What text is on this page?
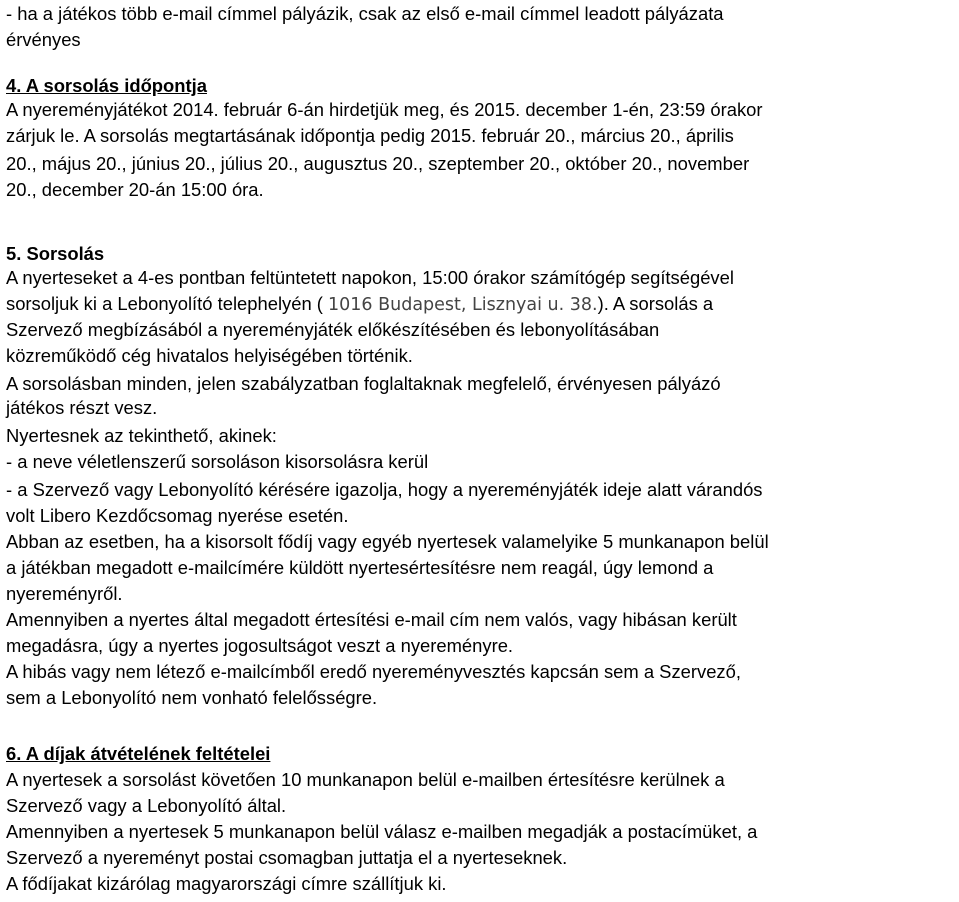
- ha a játékos több e-mail címmel pályázik, csak az első e-mail címmel leadott pályázata
érvényes
4. A sorsolás időpontja
A nyereményjátékot 2014. február 6-án hirdetjük meg, és 2015. december 1-én, 23:59 órakor
zárjuk le. A sorsolás megtartásának időpontja pedig 2015. február 20., március 20., április
20., május 20., június 20., július 20., augusztus 20., szeptember 20., október 20., november
20., december 20-án 15:00 óra.
5. Sorsolás
A nyerteseket a 4-es pontban feltüntetett napokon, 15:00 órakor számítógép segítségével
sorsoljuk ki a Lebonyolító telephelyén ( 1016 Budapest, Lisznyai u. 38.). A sorsolás a
Szervező megbízásából a nyereményjáték előkészítésében és lebonyolításában
közreműködő cég hivatalos helyiségében történik.
A sorsolásban minden, jelen szabályzatban foglaltaknak megfelelő, érvényesen pályázó
játékos részt vesz.
Nyertesnek az tekinthető, akinek:
- a neve véletlenszerű sorsoláson kisorsolásra kerül
- a Szervező vagy Lebonyolító kérésére igazolja, hogy a nyereményjáték ideje alatt várandós
volt Libero Kezdőcsomag nyerése esetén.
Abban az esetben, ha a kisorsolt fődíj vagy egyéb nyertesek valamelyike 5 munkanapon belül
a játékban megadott e-mailcímére küldött nyertesértesítésre nem reagál, úgy lemond a
nyereményről.
Amennyiben a nyertes által megadott értesítési e-mail cím nem valós, vagy hibásan került
megadásra, úgy a nyertes jogosultságot veszt a nyereményre.
A hibás vagy nem létező e-mailcímből eredő nyereményvesztés kapcsán sem a Szervező,
sem a Lebonyolító nem vonható felelősségre.
6. A díjak átvételének feltételei
A nyertesek a sorsolást követően 10 munkanapon belül e-mailben értesítésre kerülnek a
Szervező vagy a Lebonyolító által.
Amennyiben a nyertesek 5 munkanapon belül válasz e-mailben megadják a postacímüket, a
Szervező a nyereményt postai csomagban juttatja el a nyerteseknek.
A fődíjakat kizárólag magyarországi címre szállítjuk ki.
